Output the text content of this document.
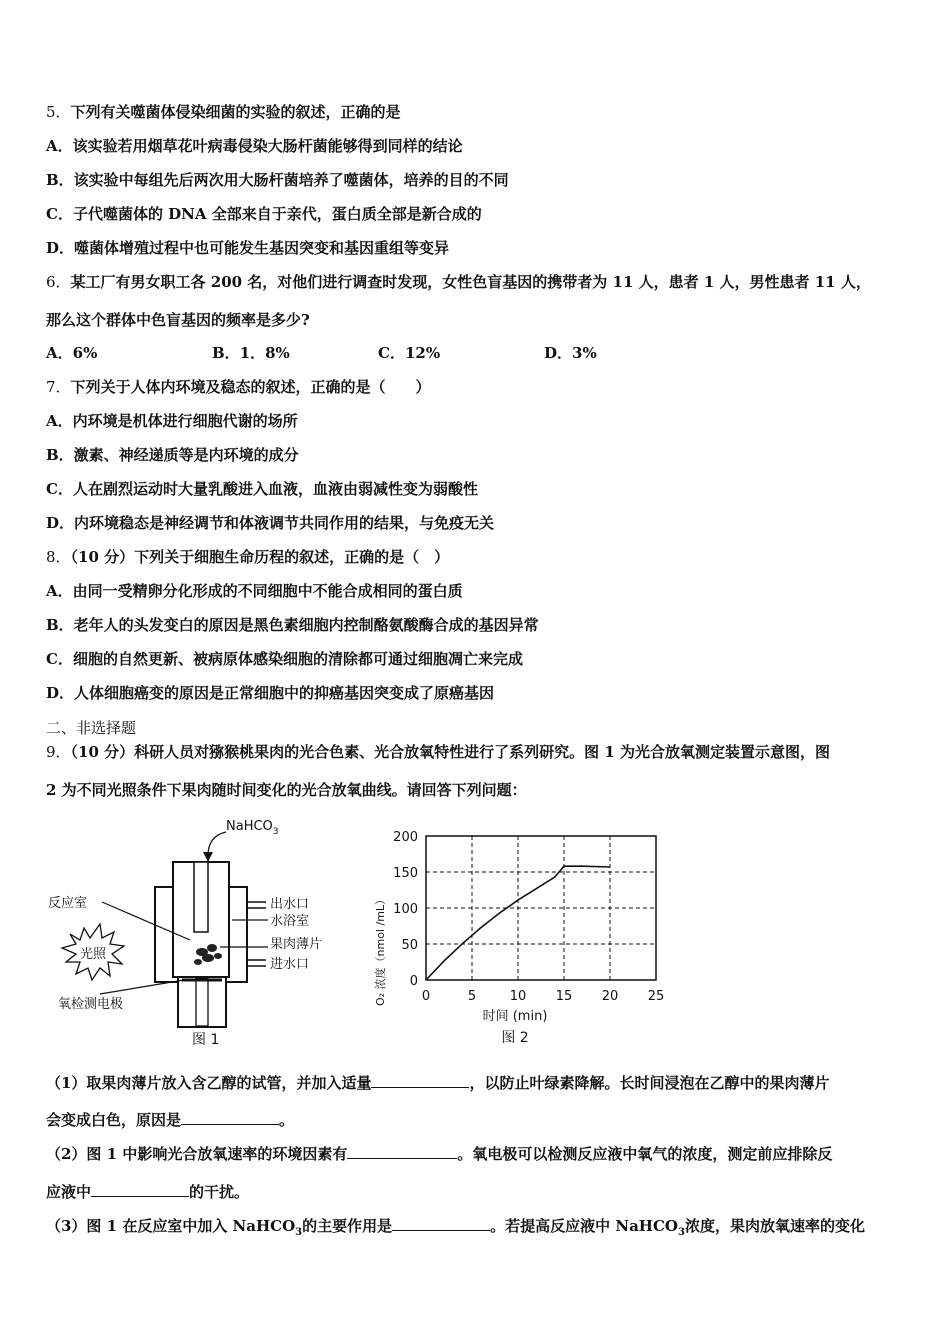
5．下列有关噬菌体侵染细菌的实验的叙述，正确的是
A．该实验若用烟草花叶病毒侵染大肠杆菌能够得到同样的结论
B．该实验中每组先后两次用大肠杆菌培养了噬菌体，培养的目的不同
C．子代噬菌体的 DNA 全部来自于亲代，蛋白质全部是新合成的
D．噬菌体增殖过程中也可能发生基因突变和基因重组等变异
6．某工厂有男女职工各 200 名，对他们进行调查时发现，女性色盲基因的携带者为 11 人，患者 1 人，男性患者 11 人，
那么这个群体中色盲基因的频率是多少?
A．6%	B．1．8%	C．12%	D．3%
7．下列关于人体内环境及稳态的叙述，正确的是（　　）
A．内环境是机体进行细胞代谢的场所
B．激素、神经递质等是内环境的成分
C．人在剧烈运动时大量乳酸进入血液，血液由弱减性变为弱酸性
D．内环境稳态是神经调节和体液调节共同作用的结果，与免疫无关
8．（10 分）下列关于细胞生命历程的叙述，正确的是（　）
A．由同一受精卵分化形成的不同细胞中不能合成相同的蛋白质
B．老年人的头发变白的原因是黑色素细胞内控制酪氨酸酶合成的基因异常
C．细胞的自然更新、被病原体感染细胞的清除都可通过细胞凋亡来完成
D．人体细胞癌变的原因是正常细胞中的抑癌基因突变成了原癌基因
二、非选择题
9．（10 分）科研人员对猕猴桃果肉的光合色素、光合放氧特性进行了系列研究。图 1 为光合放氧测定装置示意图，图
2 为不同光照条件下果肉随时间变化的光合放氧曲线。请回答下列问题：
NaHCO$_3$
出水口
水浴室
果肉薄片
进水口
反应室
光照
氧检测电极
图 1
0
50
100
150
200
0	5	10 15 20 25
O₂ 浓度（nmol /mL）
时间 (min)
图 2
（1）取果肉薄片放入含乙醇的试管，并加入适量	，以防止叶绿素降解。长时间浸泡在乙醇中的果肉薄片
会变成白色，原因是	。
（2）图 1 中影响光合放氧速率的环境因素有	。氧电极可以检测反应液中氧气的浓度，测定前应排除反
应液中	的干扰。
（3）图 1 在反应室中加入 NaHCO$_3$的主要作用是	。若提高反应液中 NaHCO$_3$浓度，果肉放氧速率的变化
